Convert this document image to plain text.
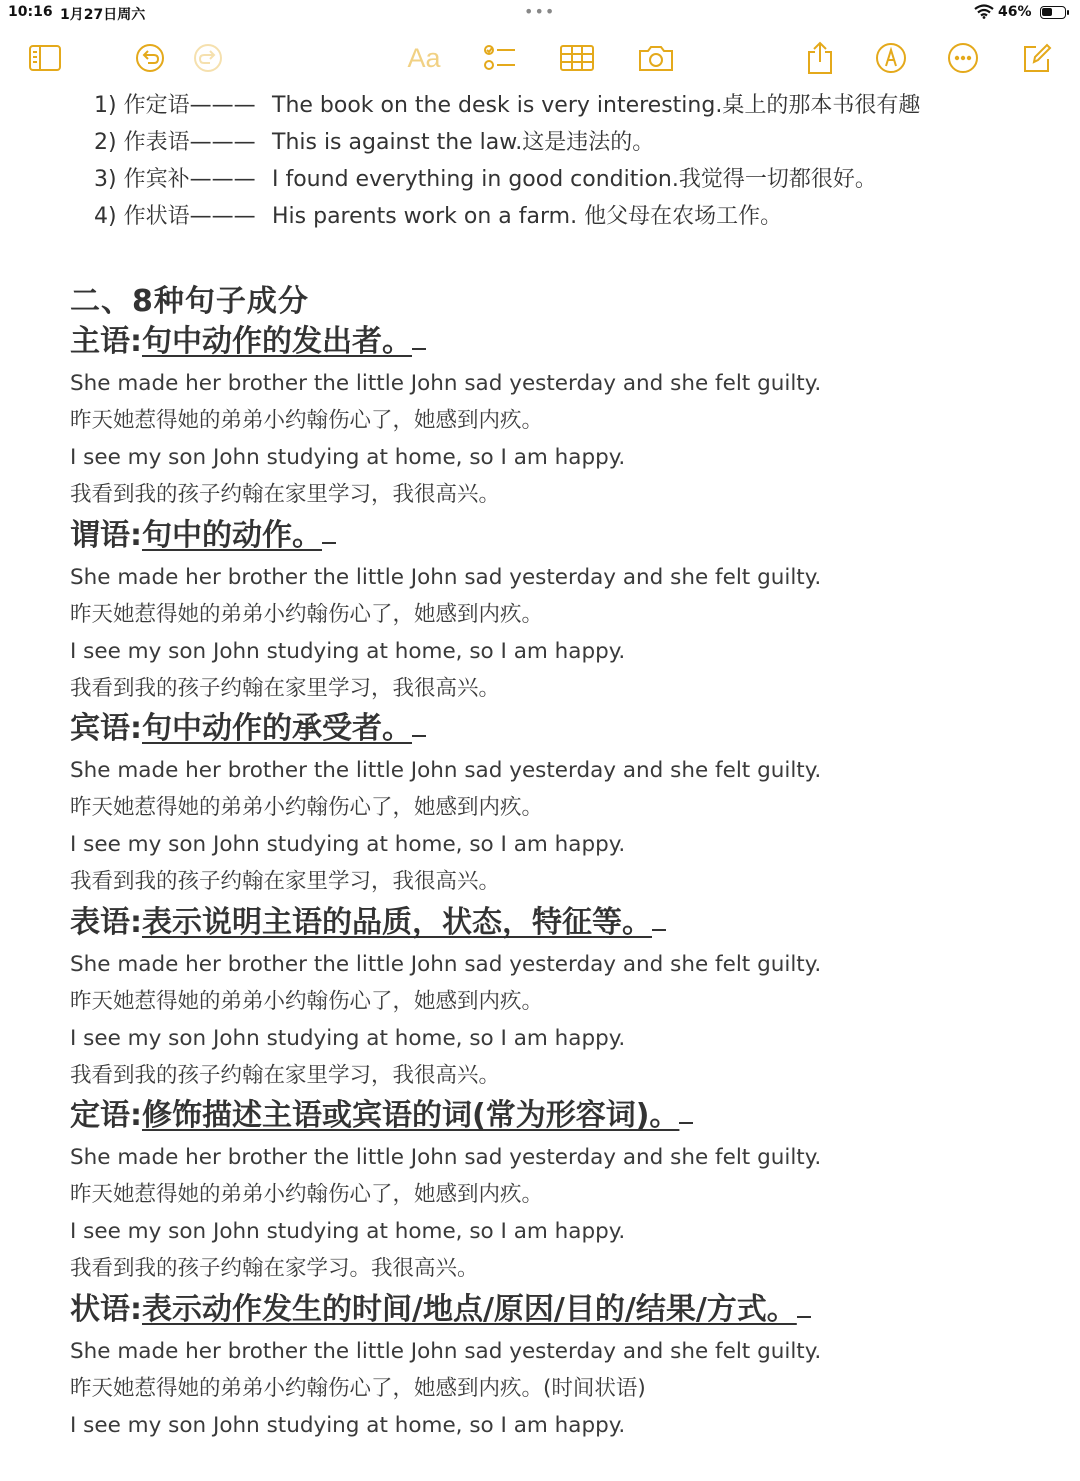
10:16 1月27日周六	•••	46%
Aa
1) 作定语——— The book on the desk is very interesting.桌上的那本书很有趣
2) 作表语——— This is against the law.这是违法的。
3) 作宾补——— I found everything in good condition.我觉得一切都很好。
4) 作状语——— His parents work on a farm. 他父母在农场工作。
二、8种句子成分
主语:句中动作的发出者。
She made her brother the little John sad yesterday and she felt guilty.
昨天她惹得她的弟弟小约翰伤心了，她感到内疚。
I see my son John studying at home, so I am happy.
我看到我的孩子约翰在家里学习，我很高兴。
谓语:句中的动作。
She made her brother the little John sad yesterday and she felt guilty.
昨天她惹得她的弟弟小约翰伤心了，她感到内疚。
I see my son John studying at home, so I am happy.
我看到我的孩子约翰在家里学习，我很高兴。
宾语:句中动作的承受者。
She made her brother the little John sad yesterday and she felt guilty.
昨天她惹得她的弟弟小约翰伤心了，她感到内疚。
I see my son John studying at home, so I am happy.
我看到我的孩子约翰在家里学习，我很高兴。
表语:表示说明主语的品质，状态，特征等。
She made her brother the little John sad yesterday and she felt guilty.
昨天她惹得她的弟弟小约翰伤心了，她感到内疚。
I see my son John studying at home, so I am happy.
我看到我的孩子约翰在家里学习，我很高兴。
定语:修饰描述主语或宾语的词(常为形容词)。
She made her brother the little John sad yesterday and she felt guilty.
昨天她惹得她的弟弟小约翰伤心了，她感到内疚。
I see my son John studying at home, so I am happy.
我看到我的孩子约翰在家学习。我很高兴。
状语:表示动作发生的时间/地点/原因/目的/结果/方式。
She made her brother the little John sad yesterday and she felt guilty.
昨天她惹得她的弟弟小约翰伤心了，她感到内疚。(时间状语)
I see my son John studying at home, so I am happy.
